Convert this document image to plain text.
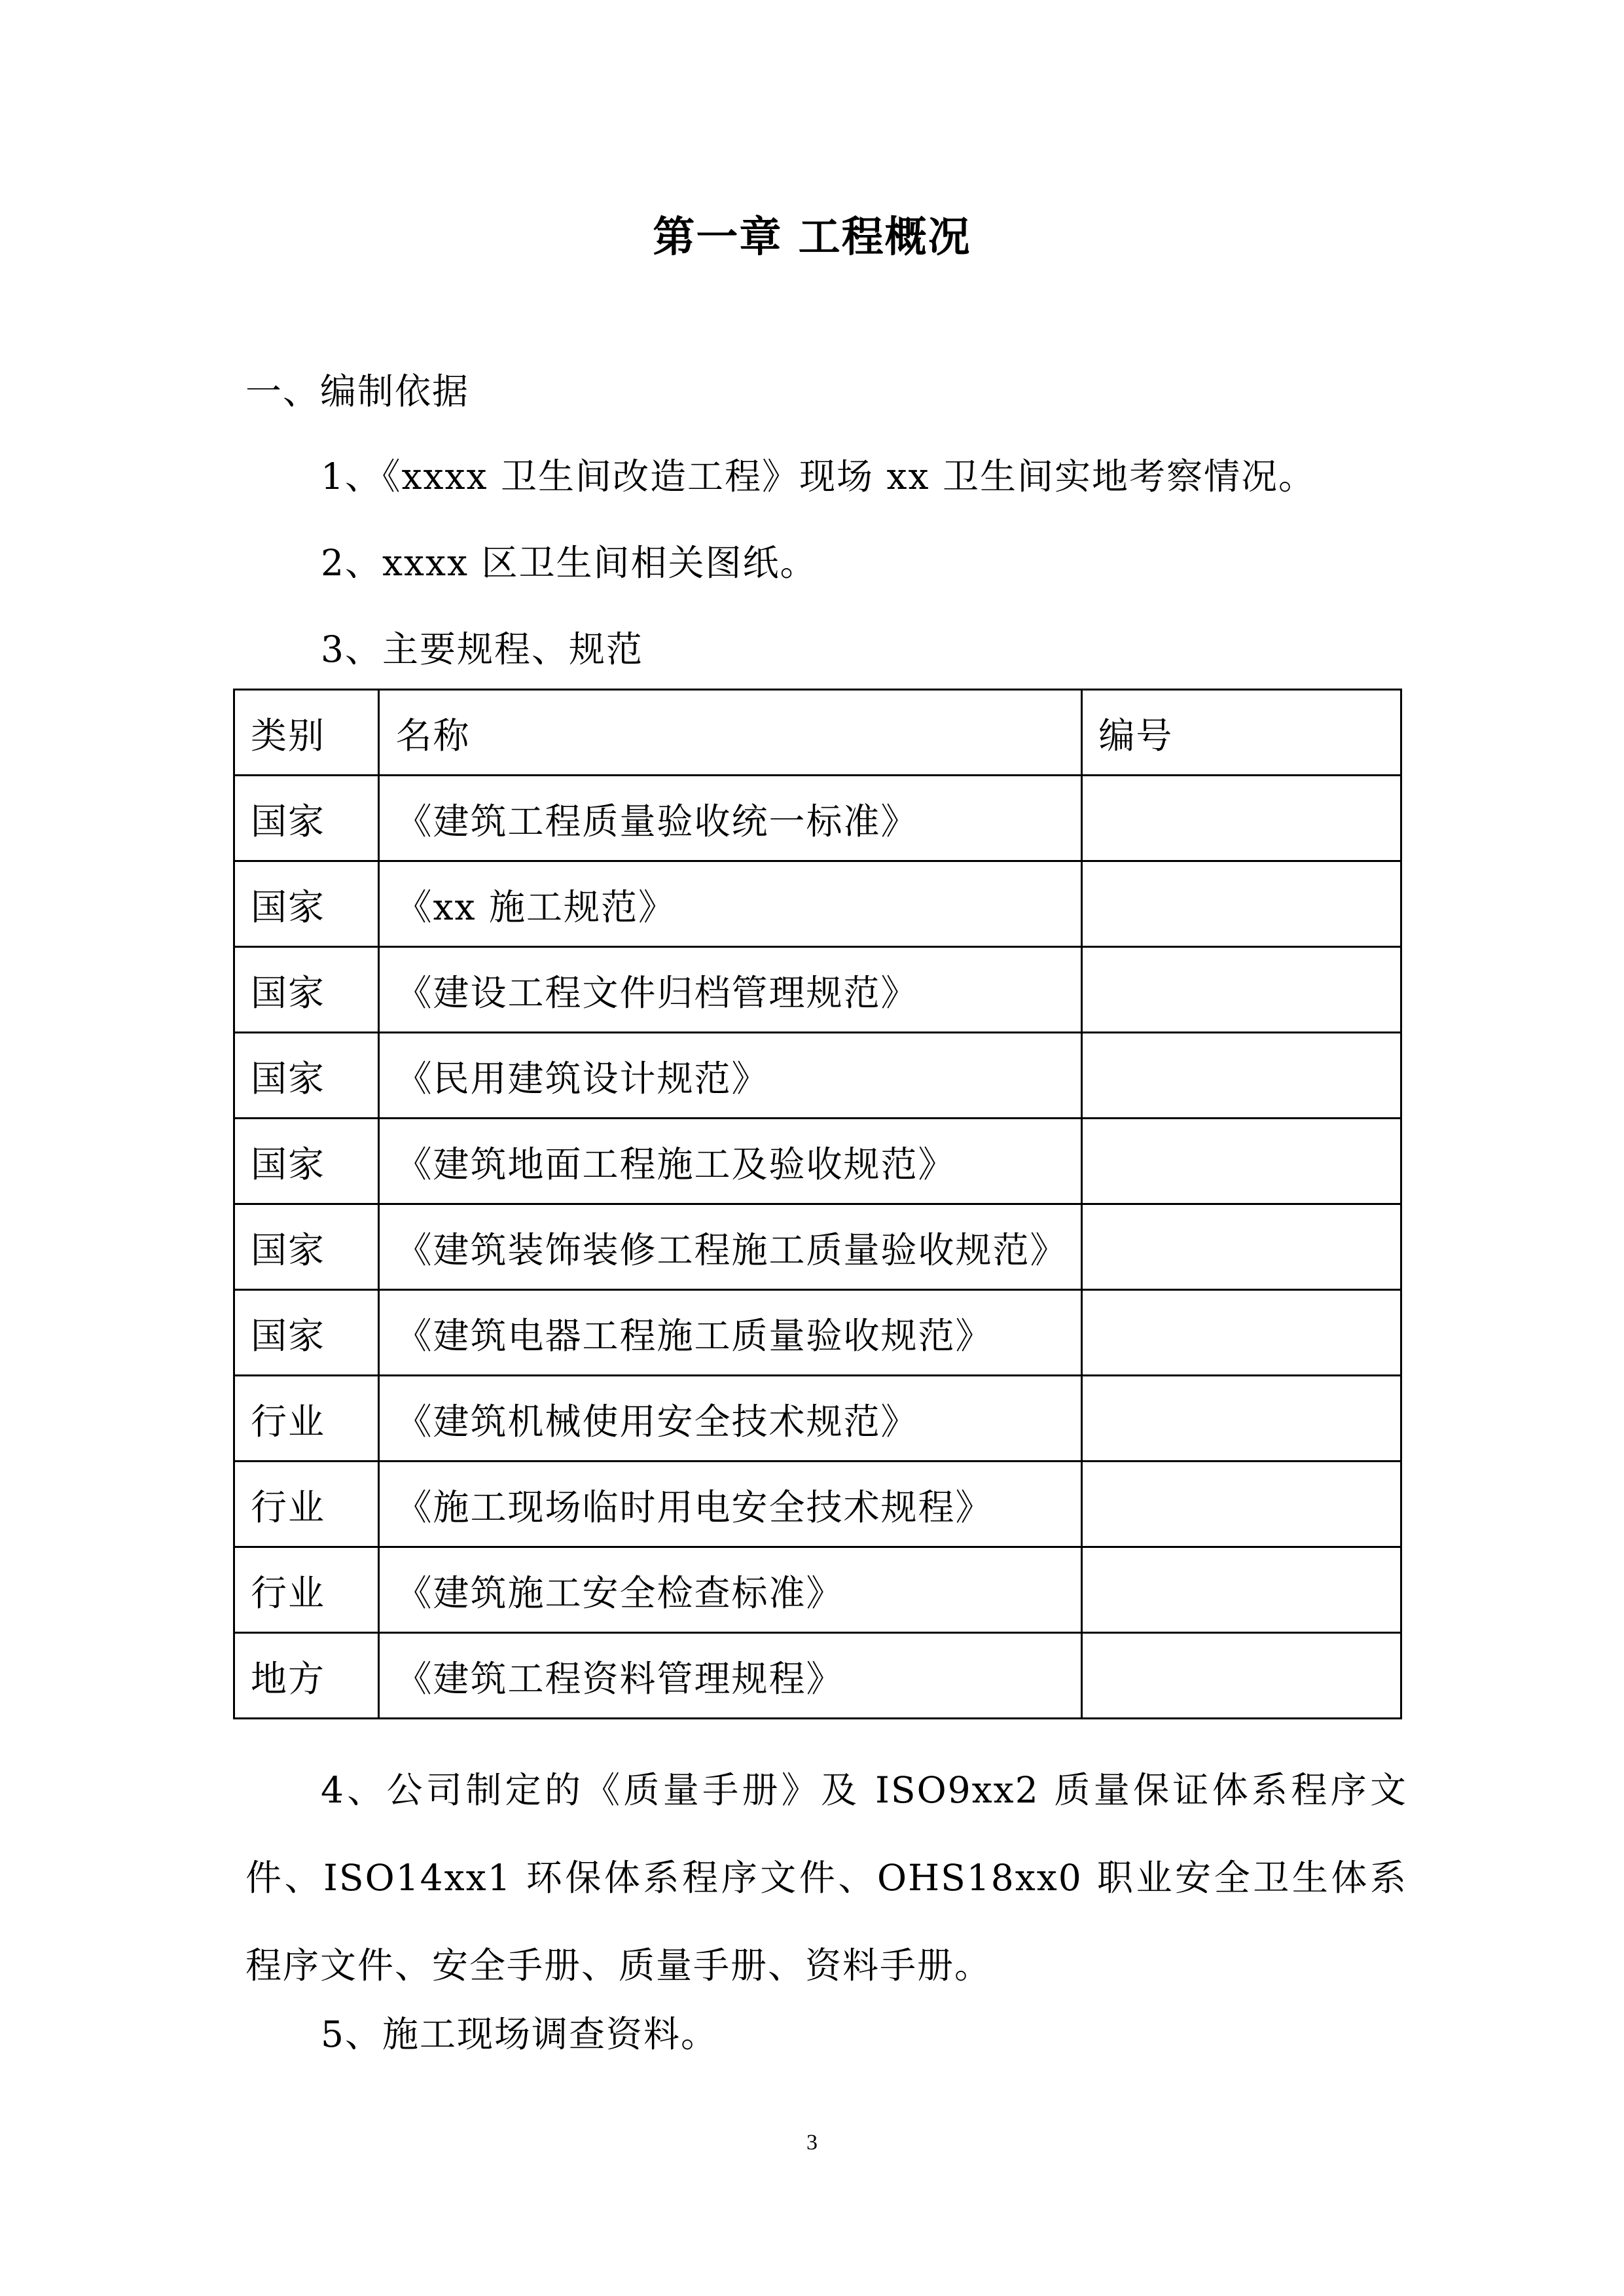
第一章 工程概况
一、编制依据
1、《xxxx 卫生间改造工程》现场 xx 卫生间实地考察情况。
2、xxxx 区卫生间相关图纸。
3、主要规程、规范
类别	名称	编号
国家	《建筑工程质量验收统一标准》	
国家	《xx 施工规范》	
国家	《建设工程文件归档管理规范》	
国家	《民用建筑设计规范》	
国家	《建筑地面工程施工及验收规范》	
国家	《建筑装饰装修工程施工质量验收规范》	
国家	《建筑电器工程施工质量验收规范》	
行业	《建筑机械使用安全技术规范》	
行业	《施工现场临时用电安全技术规程》	
行业	《建筑施工安全检查标准》	
地方	《建筑工程资料管理规程》	
4、公司制定的《质量手册》及 ISO9xx2 质量保证体系程序文件、ISO14xx1 环保体系程序文件、OHS18xx0 职业安全卫生体系程序文件、安全手册、质量手册、资料手册。
5、施工现场调查资料。
3
